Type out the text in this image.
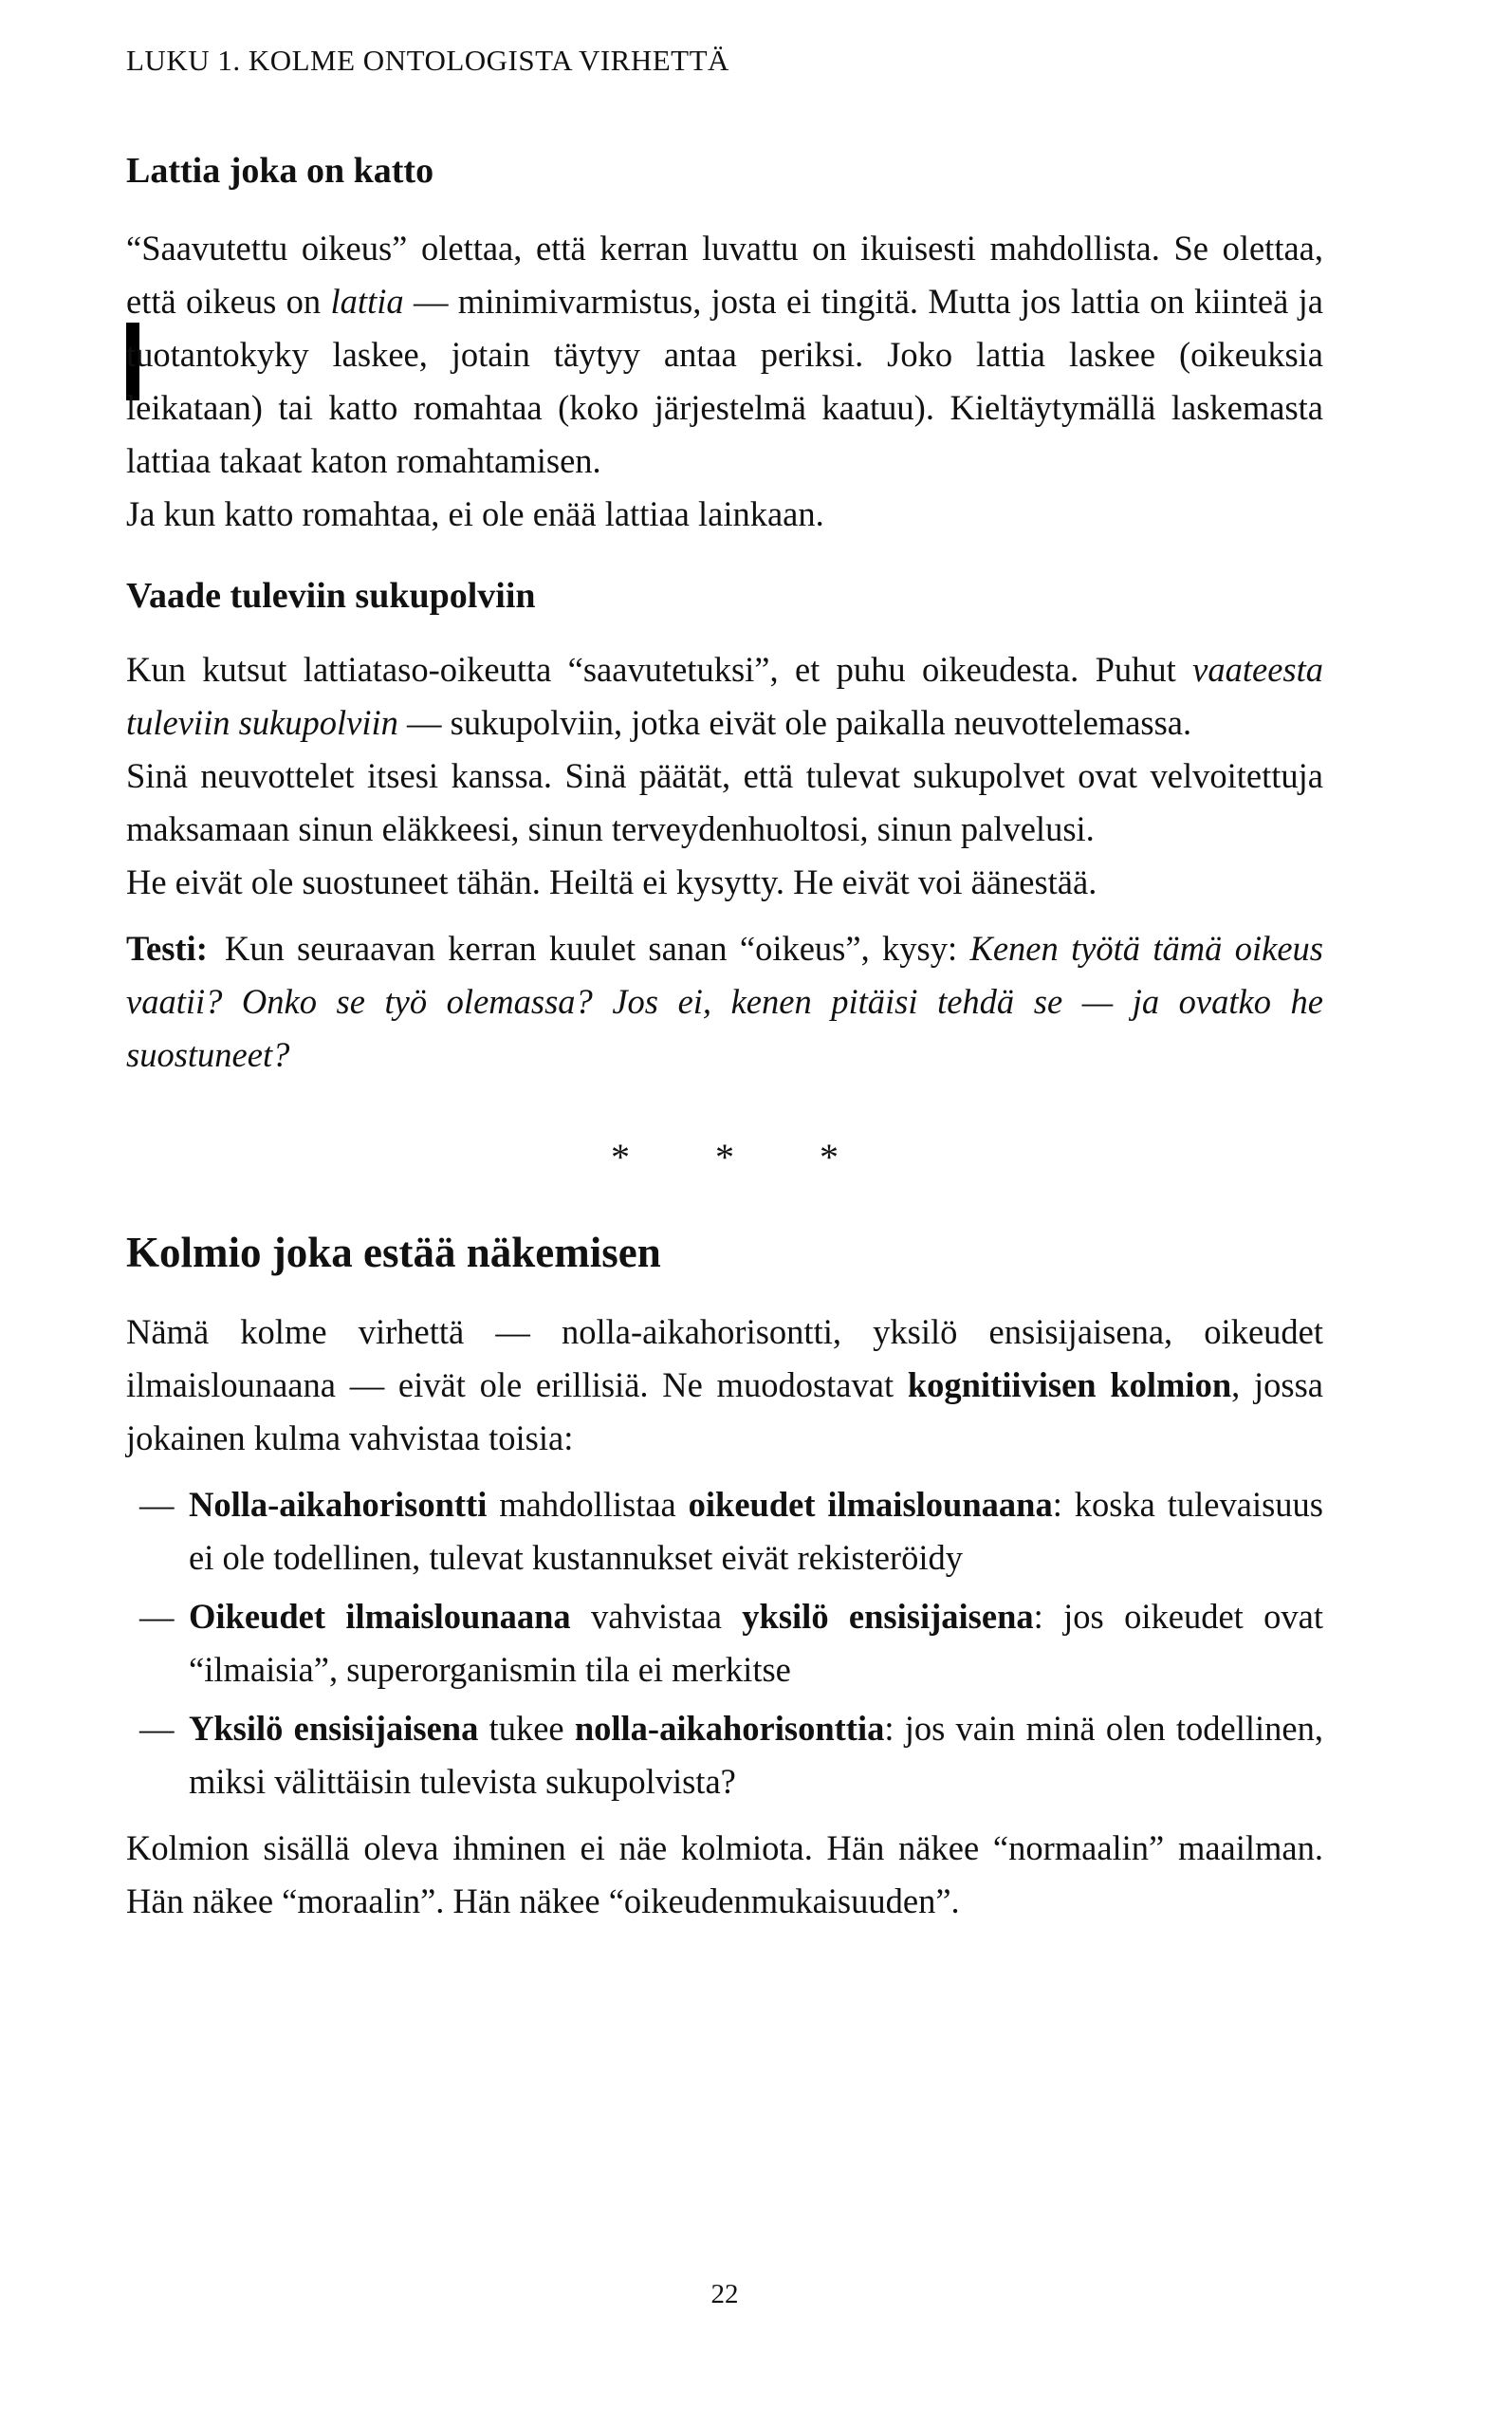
LUKU 1. KOLME ONTOLOGISTA VIRHETTÄ
Lattia joka on katto

“Saavutettu oikeus” olettaa, että kerran luvattu on ikuisesti mahdollista. Se olettaa, että oikeus on lattia — minimivarmistus, josta ei tingitä. Mutta jos lattia on kiinteä ja tuotantokyky laskee, jotain täytyy antaa periksi. Joko lattia laskee (oikeuksia leikataan) tai katto romahtaa (koko järjestelmä kaatuu). Kieltäytymällä laskemasta lattiaa takaat katon romahtamisen.

Ja kun katto romahtaa, ei ole enää lattiaa lainkaan.

Vaade tuleviin sukupolviin

Kun kutsut lattiataso-oikeutta “saavutetuksi”, et puhu oikeudesta. Puhut vaateesta tuleviin sukupolviin — sukupolviin, jotka eivät ole paikalla neuvottelemassa.

Sinä neuvottelet itsesi kanssa. Sinä päätät, että tulevat sukupolvet ovat velvoitettuja maksamaan sinun eläkkeesi, sinun terveydenhuoltosi, sinun palvelusi.

He eivät ole suostuneet tähän. Heiltä ei kysytty. He eivät voi äänestää.

Testi: Kun seuraavan kerran kuulet sanan “oikeus”, kysy: Kenen työtä tämä oikeus vaatii? Onko se työ olemassa? Jos ei, kenen pitäisi tehdä se — ja ovatko he suostuneet?

* * *
Kolmio joka estää näkemisen

Nämä kolme virhettä — nolla-aikahorisontti, yksilö ensisijaisena, oikeudet ilmaislounaana — eivät ole erillisiä. Ne muodostavat kognitiivisen kolmion, jossa jokainen kulma vahvistaa toisia:

— Nolla-aikahorisontti mahdollistaa oikeudet ilmaislounaana: koska tulevaisuus ei ole todellinen, tulevat kustannukset eivät rekisteröidy
— Oikeudet ilmaislounaana vahvistaa yksilö ensisijaisena: jos oikeudet ovat “ilmaisia”, superorganismin tila ei merkitse
— Yksilö ensisijaisena tukee nolla-aikahorisonttia: jos vain minä olen todellinen, miksi välittäisin tulevista sukupolvista?

Kolmion sisällä oleva ihminen ei näe kolmiota. Hän näkee “normaalin” maailman. Hän näkee “moraalin”. Hän näkee “oikeudenmukaisuuden”.

22
